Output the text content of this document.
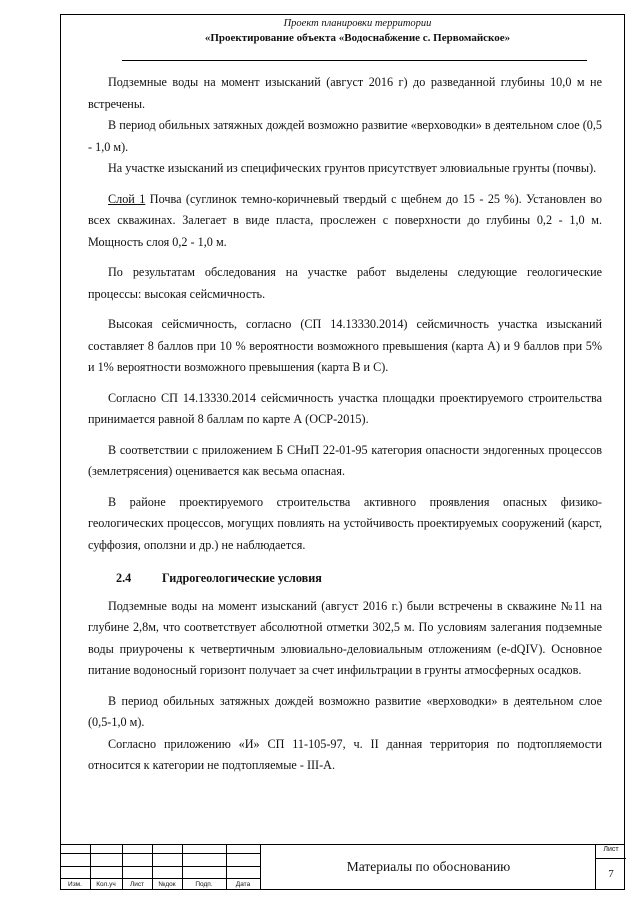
Проект планировки территории
«Проектирование объекта «Водоснабжение с. Первомайское»

Подземные воды на момент изысканий (август 2016 г) до разведанной глубины 10,0 м не встречены.

В период обильных затяжных дождей возможно развитие «верховодки» в деятельном слое (0,5 - 1,0 м).

На участке изысканий из специфических грунтов присутствует элювиальные грунты (почвы).

Слой 1 Почва (суглинок темно-коричневый твердый с щебнем до 15 - 25 %). Установлен во всех скважинах. Залегает в виде пласта, прослежен с поверхности до глубины 0,2 - 1,0 м. Мощность слоя 0,2 - 1,0 м.

По результатам обследования на участке работ выделены следующие геологические процессы: высокая сейсмичность.

Высокая сейсмичность, согласно (СП 14.13330.2014) сейсмичность участка изысканий составляет 8 баллов при 10 % вероятности возможного превышения (карта А) и 9 баллов при 5% и 1% вероятности возможного превышения (карта В и С).

Согласно СП 14.13330.2014 сейсмичность участка площадки проектируемого строительства принимается равной 8 баллам по карте А (ОСР-2015).

В соответствии с приложением Б СНиП 22-01-95 категория опасности эндогенных процессов (землетрясения) оценивается как весьма опасная.

В районе проектируемого строительства активного проявления опасных физико-геологических процессов, могущих повлиять на устойчивость проектируемых сооружений (карст, суффозия, оползни и др.) не наблюдается.

2.4	Гидрогеологические условия

Подземные воды на момент изысканий (август 2016 г.) были встречены в скважине №11 на глубине 2,8м, что соответствует абсолютной отметки 302,5 м. По условиям залегания подземные воды приурочены к четвертичным элювиально-деловиальным отложениям (e-dQIV). Основное питание водоносный горизонт получает за счет инфильтрации в грунты атмосферных осадков.

В период обильных затяжных дождей возможно развитие «верховодки» в деятельном слое (0,5-1,0 м).

Согласно приложению «И» СП 11-105-97, ч. II данная территория по подтопляемости относится к категории не подтопляемые - III-А.

Изм.	Кол.уч	Лист	№док	Подп.	Дата
Материалы по обоснованию
Лист
7
